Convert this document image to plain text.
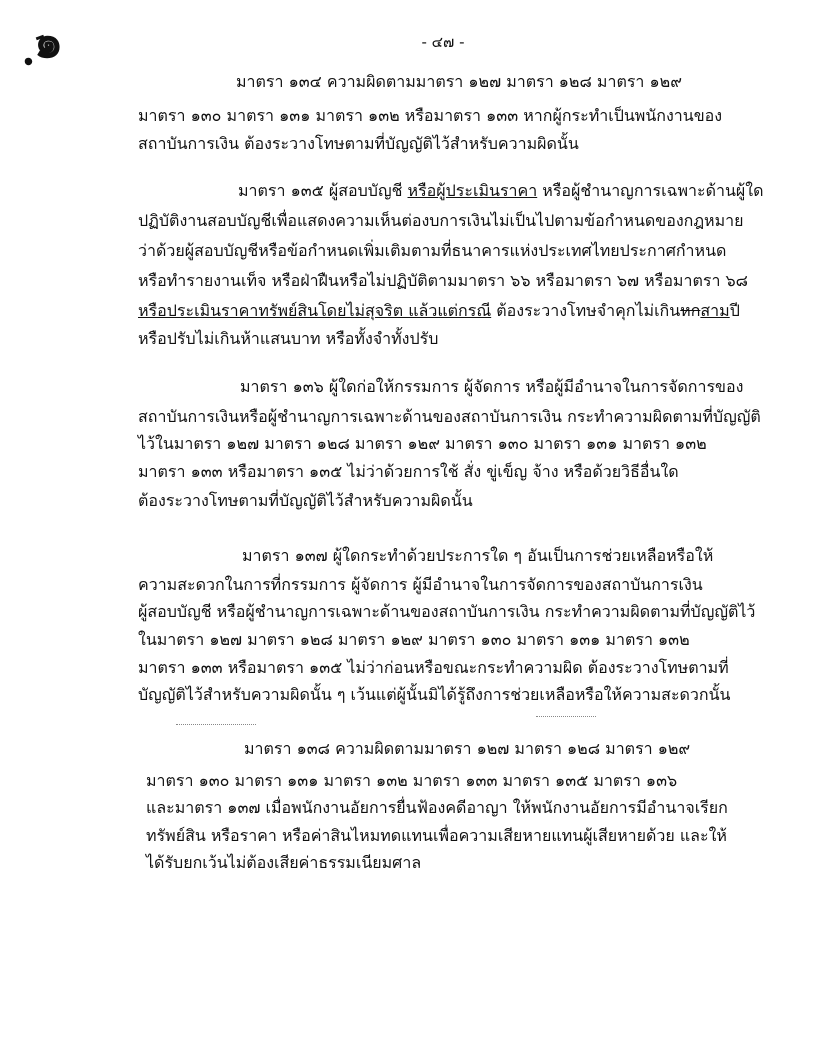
ฺ๑	- ๔๗ -
มาตรา ๑๓๔ ความผิดตามมาตรา ๑๒๗ มาตรา ๑๒๘ มาตรา ๑๒๙
มาตรา ๑๓๐ มาตรา ๑๓๑ มาตรา ๑๓๒ หรือมาตรา ๑๓๓ หากผู้กระทำเป็นพนักงานของ
สถาบันการเงิน ต้องระวางโทษตามที่บัญญัติไว้สำหรับความผิดนั้น
มาตรา ๑๓๕ ผู้สอบบัญชี หรือผู้ประเมินราคา หรือผู้ชำนาญการเฉพาะด้านผู้ใด
ปฏิบัติงานสอบบัญชีเพื่อแสดงความเห็นต่องบการเงินไม่เป็นไปตามข้อกำหนดของกฎหมาย
ว่าด้วยผู้สอบบัญชีหรือข้อกำหนดเพิ่มเติมตามที่ธนาคารแห่งประเทศไทยประกาศกำหนด
หรือทำรายงานเท็จ หรือฝ่าฝืนหรือไม่ปฏิบัติตามมาตรา ๖๖ หรือมาตรา ๖๗ หรือมาตรา ๖๘
หรือประเมินราคาทรัพย์สินโดยไม่สุจริต แล้วแต่กรณี ต้องระวางโทษจำคุกไม่เกินหกสามปี
หรือปรับไม่เกินห้าแสนบาท หรือทั้งจำทั้งปรับ
มาตรา ๑๓๖ ผู้ใดก่อให้กรรมการ ผู้จัดการ หรือผู้มีอำนาจในการจัดการของ
สถาบันการเงินหรือผู้ชำนาญการเฉพาะด้านของสถาบันการเงิน กระทำความผิดตามที่บัญญัติ
ไว้ในมาตรา ๑๒๗ มาตรา ๑๒๘ มาตรา ๑๒๙ มาตรา ๑๓๐ มาตรา ๑๓๑ มาตรา ๑๓๒
มาตรา ๑๓๓ หรือมาตรา ๑๓๕ ไม่ว่าด้วยการใช้ สั่ง ขู่เข็ญ จ้าง หรือด้วยวิธีอื่นใด
ต้องระวางโทษตามที่บัญญัติไว้สำหรับความผิดนั้น
มาตรา ๑๓๗ ผู้ใดกระทำด้วยประการใด ๆ อันเป็นการช่วยเหลือหรือให้
ความสะดวกในการที่กรรมการ ผู้จัดการ ผู้มีอำนาจในการจัดการของสถาบันการเงิน
ผู้สอบบัญชี หรือผู้ชำนาญการเฉพาะด้านของสถาบันการเงิน กระทำความผิดตามที่บัญญัติไว้
ในมาตรา ๑๒๗ มาตรา ๑๒๘ มาตรา ๑๒๙ มาตรา ๑๓๐ มาตรา ๑๓๑ มาตรา ๑๓๒
มาตรา ๑๓๓ หรือมาตรา ๑๓๕ ไม่ว่าก่อนหรือขณะกระทำความผิด ต้องระวางโทษตามที่
บัญญัติไว้สำหรับความผิดนั้น ๆ เว้นแต่ผู้นั้นมิได้รู้ถึงการช่วยเหลือหรือให้ความสะดวกนั้น
มาตรา ๑๓๘ ความผิดตามมาตรา ๑๒๗ มาตรา ๑๒๘ มาตรา ๑๒๙
มาตรา ๑๓๐ มาตรา ๑๓๑ มาตรา ๑๓๒ มาตรา ๑๓๓ มาตรา ๑๓๕ มาตรา ๑๓๖
และมาตรา ๑๓๗ เมื่อพนักงานอัยการยื่นฟ้องคดีอาญา ให้พนักงานอัยการมีอำนาจเรียก
ทรัพย์สิน หรือราคา หรือค่าสินไหมทดแทนเพื่อความเสียหายแทนผู้เสียหายด้วย และให้
ได้รับยกเว้นไม่ต้องเสียค่าธรรมเนียมศาล
